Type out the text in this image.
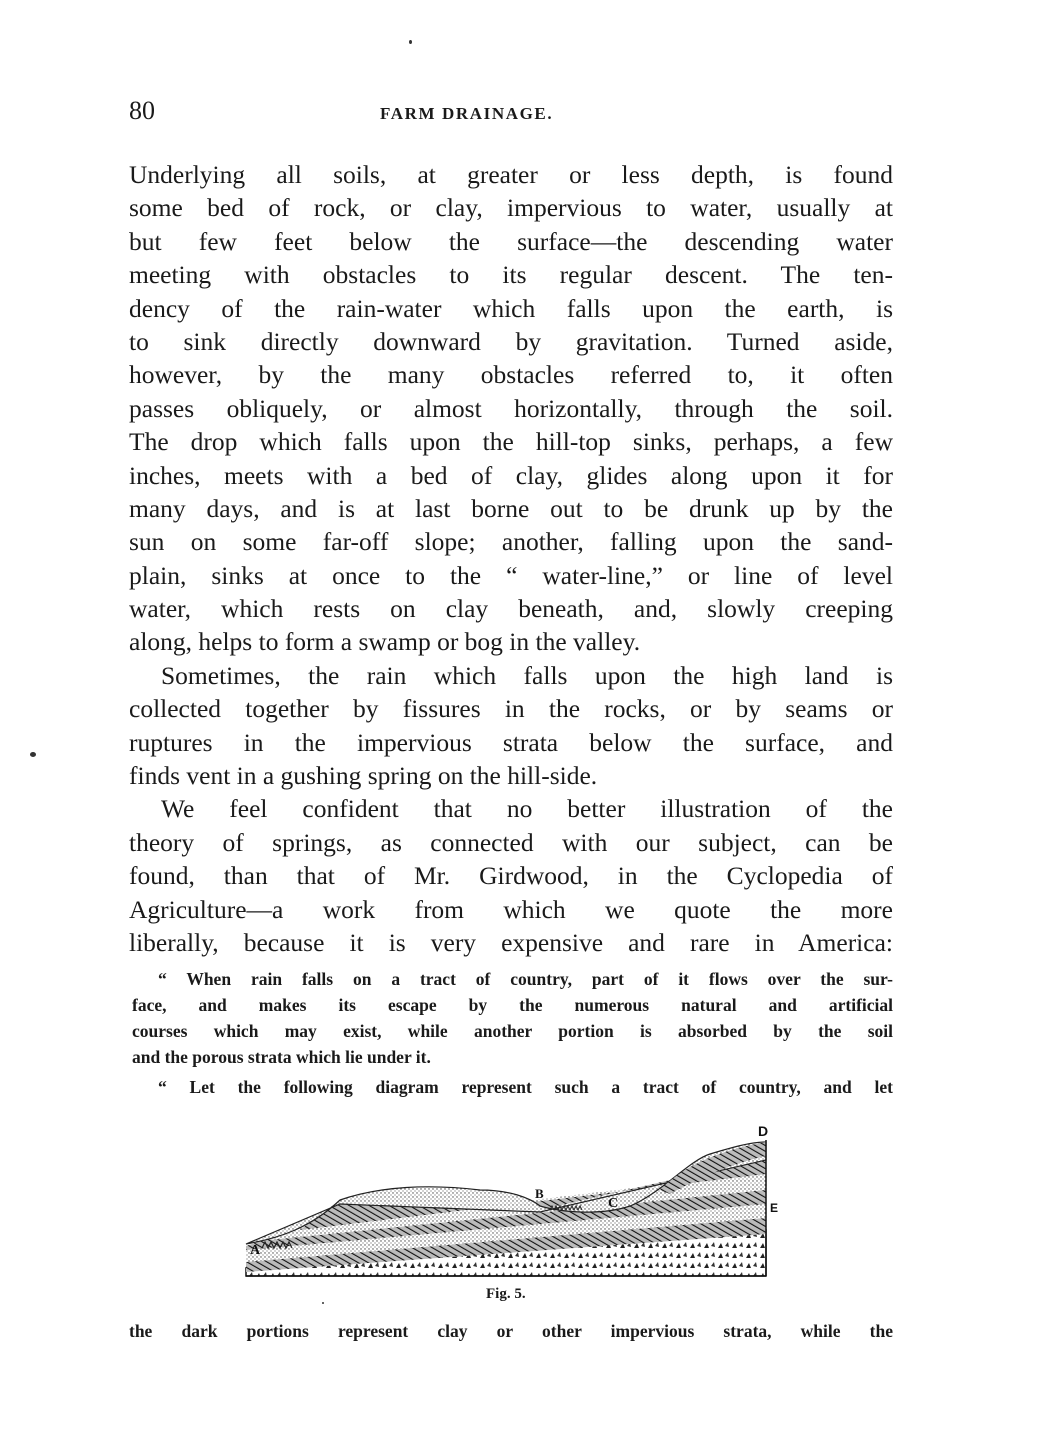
80	FARM DRAINAGE.
Underlying all soils, at greater or less depth, is found
some bed of rock, or clay, impervious to water, usually at
but few feet below the surface—the descending water
meeting with obstacles to its regular descent. The ten-
dency of the rain-water which falls upon the earth, is
to sink directly downward by gravitation. Turned aside,
however, by the many obstacles referred to, it often
passes obliquely, or almost horizontally, through the soil.
The drop which falls upon the hill-top sinks, perhaps, a few
inches, meets with a bed of clay, glides along upon it for
many days, and is at last borne out to be drunk up by the
sun on some far-off slope; another, falling upon the sand-
plain, sinks at once to the “ water-line,” or line of level
water, which rests on clay beneath, and, slowly creeping
along, helps to form a swamp or bog in the valley.
Sometimes, the rain which falls upon the high land is
collected together by fissures in the rocks, or by seams or
ruptures in the impervious strata below the surface, and
finds vent in a gushing spring on the hill-side.
We feel confident that no better illustration of the
theory of springs, as connected with our subject, can be
found, than that of Mr. Girdwood, in the Cyclopedia of
Agriculture—a work from which we quote the more
liberally, because it is very expensive and rare in America:
“ When rain falls on a tract of country, part of it flows over the sur-
face, and makes its escape by the numerous natural and artificial
courses which may exist, while another portion is absorbed by the soil
and the porous strata which lie under it.
“ Let the following diagram represent such a tract of country, and let
A
B
C
D
E
Fig. 5.
the dark portions represent clay or other impervious strata, while the
